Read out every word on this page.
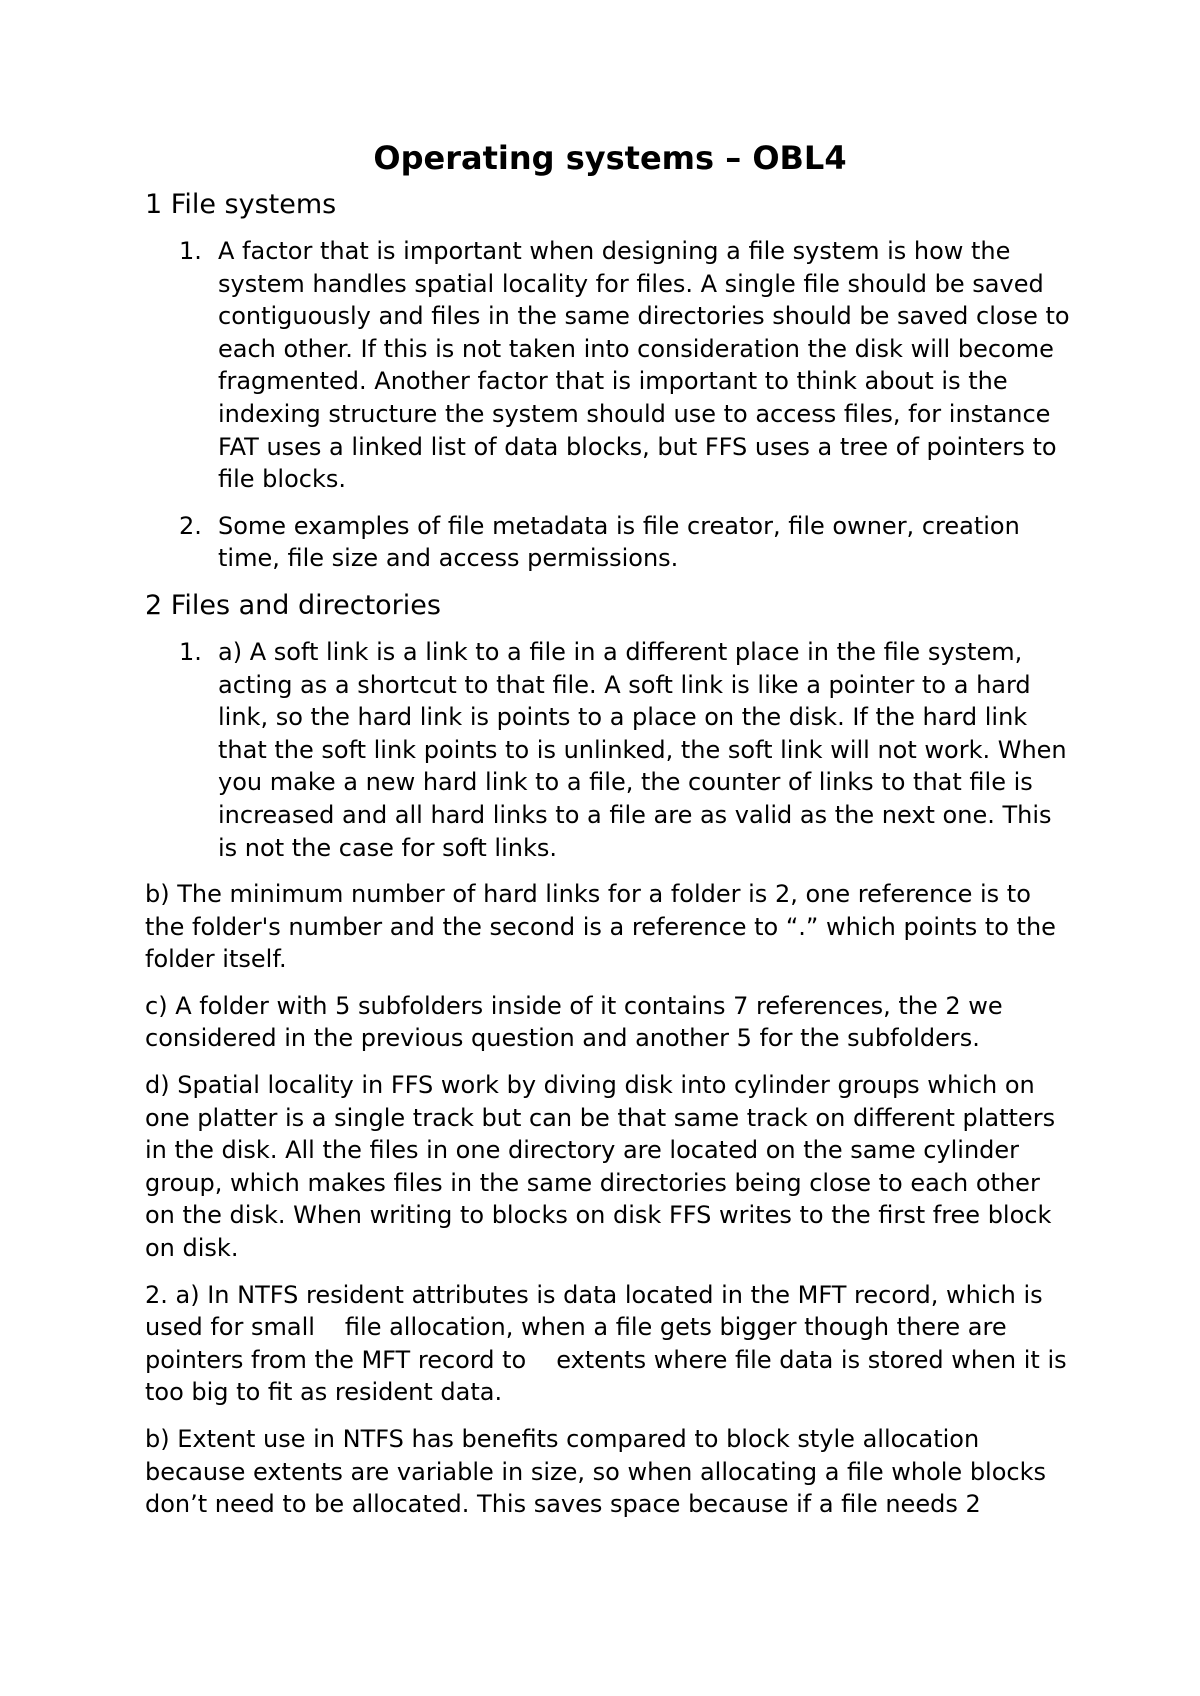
Operating systems – OBL4
1 File systems
1. A factor that is important when designing a file system is how the system handles spatial locality for files. A single file should be saved contiguously and files in the same directories should be saved close to each other. If this is not taken into consideration the disk will become fragmented. Another factor that is important to think about is the indexing structure the system should use to access files, for instance FAT uses a linked list of data blocks, but FFS uses a tree of pointers to file blocks.
2. Some examples of file metadata is file creator, file owner, creation time, file size and access permissions.
2 Files and directories
1. a) A soft link is a link to a file in a different place in the file system, acting as a shortcut to that file. A soft link is like a pointer to a hard link, so the hard link is points to a place on the disk. If the hard link that the soft link points to is unlinked, the soft link will not work. When you make a new hard link to a file, the counter of links to that file is increased and all hard links to a file are as valid as the next one. This is not the case for soft links.

b) The minimum number of hard links for a folder is 2, one reference is to the folder's number and the second is a reference to “.” which points to the folder itself.

c) A folder with 5 subfolders inside of it contains 7 references, the 2 we considered in the previous question and another 5 for the subfolders.

d) Spatial locality in FFS work by diving disk into cylinder groups which on one platter is a single track but can be that same track on different platters in the disk. All the files in one directory are located on the same cylinder group, which makes files in the same directories being close to each other on the disk. When writing to blocks on disk FFS writes to the first free block on disk.

2. a) In NTFS resident attributes is data located in the MFT record, which is used for small file allocation, when a file gets bigger though there are pointers from the MFT record to extents where file data is stored when it is too big to fit as resident data.

b) Extent use in NTFS has benefits compared to block style allocation because extents are variable in size, so when allocating a file whole blocks don’t need to be allocated. This saves space because if a file needs 2
